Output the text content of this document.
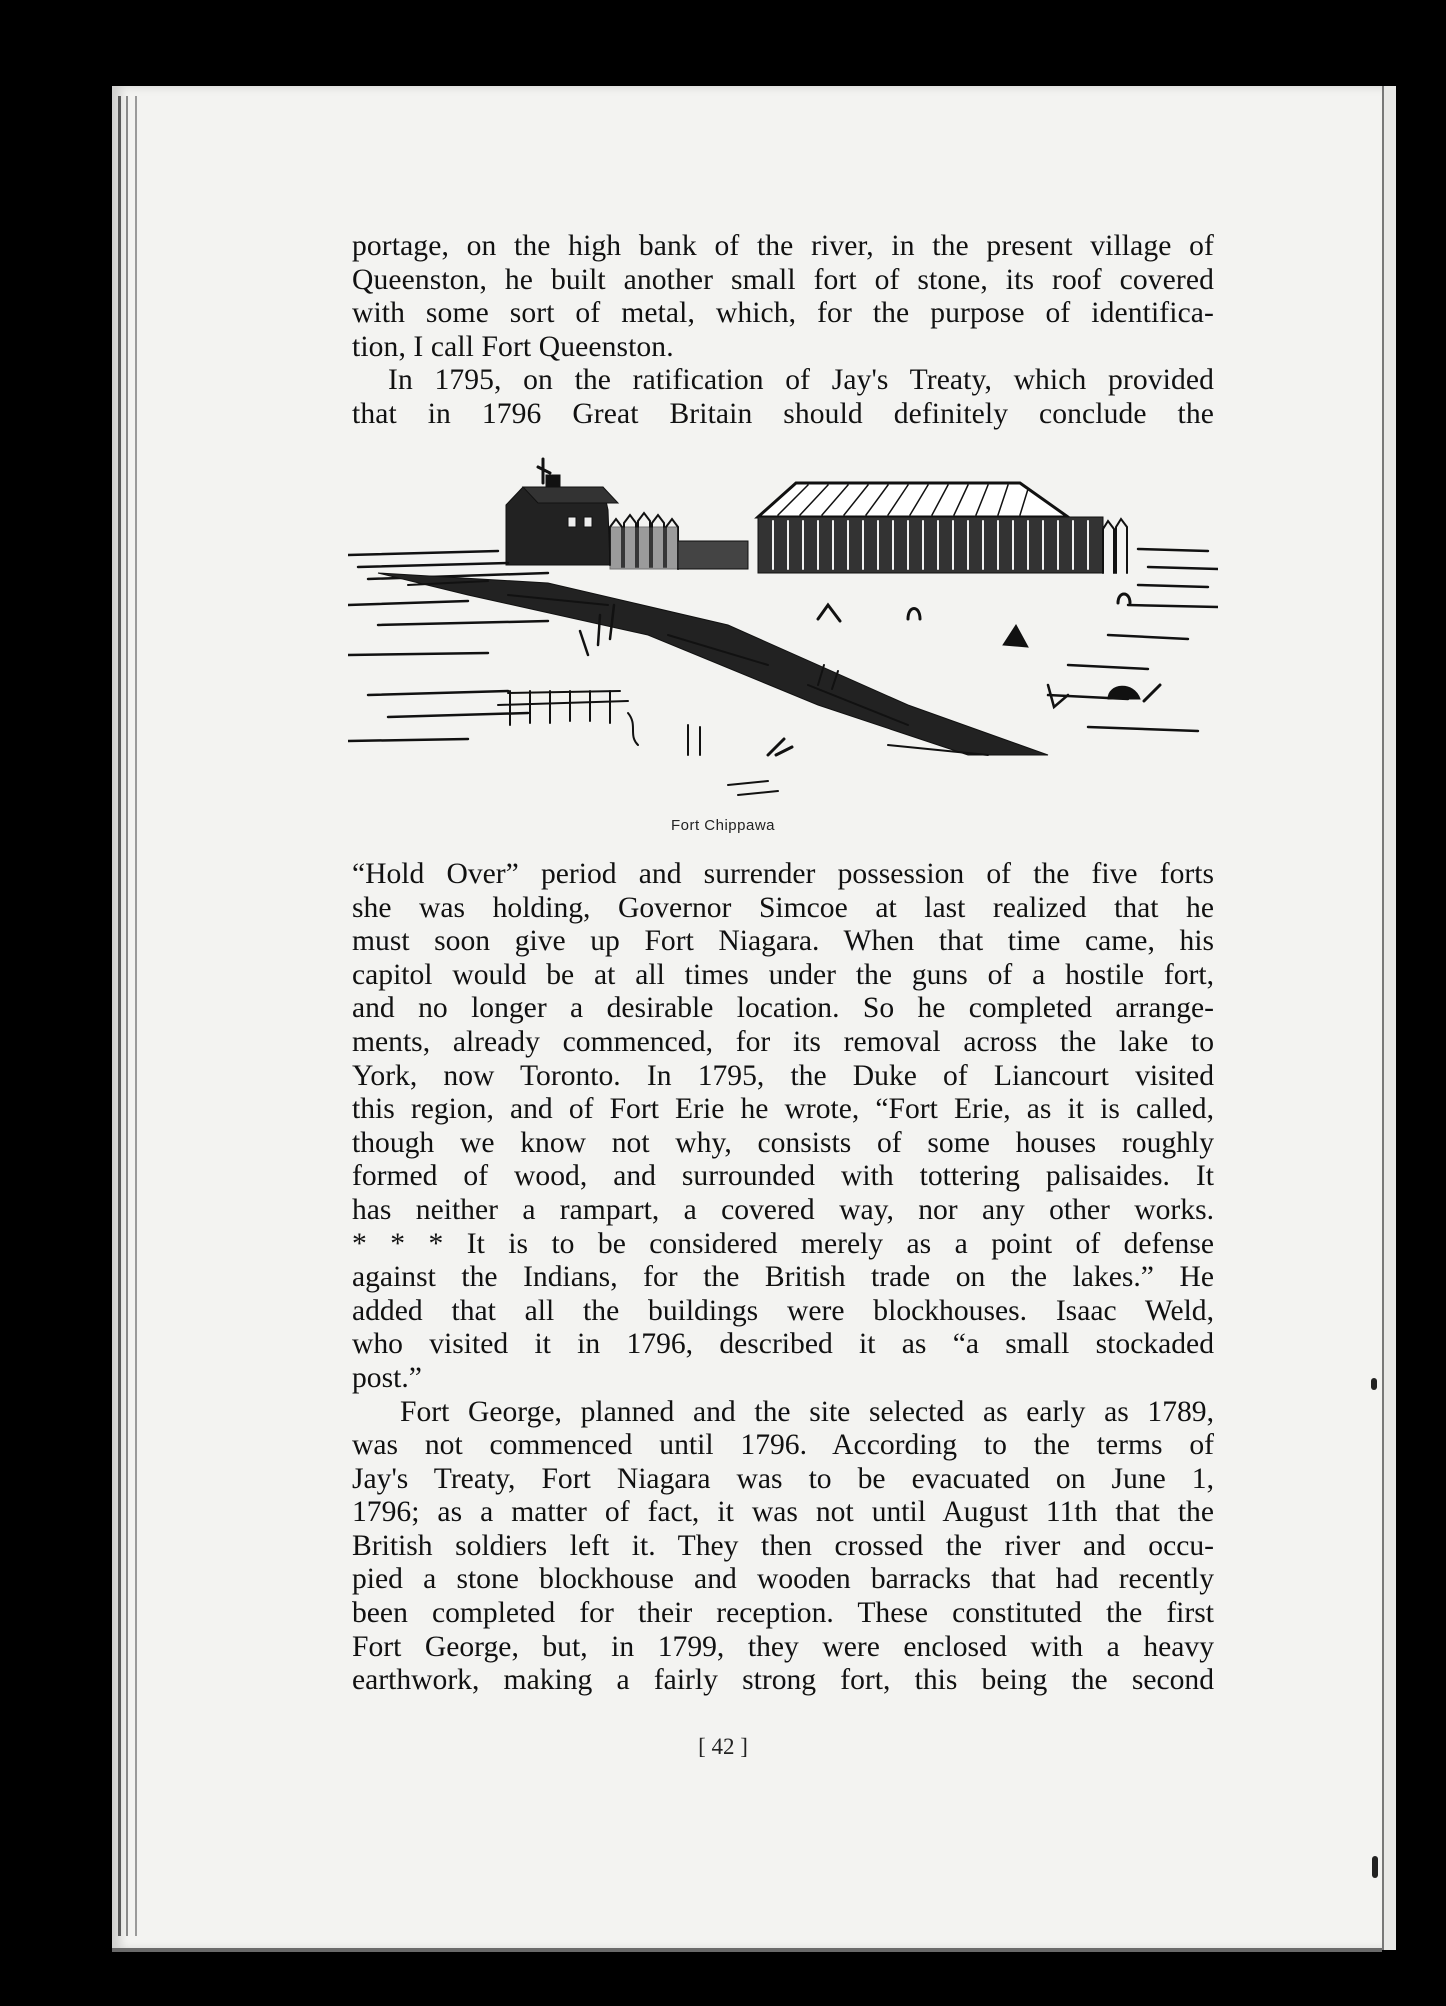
portage, on the high bank of the river, in the present village of
Queenston, he built another small fort of stone, its roof covered
with some sort of metal, which, for the purpose of identifica-
tion, I call Fort Queenston.
In 1795, on the ratification of Jay's Treaty, which provided
that in 1796 Great Britain should definitely conclude the
Fort Chippawa
“Hold Over” period and surrender possession of the five forts
she was holding, Governor Simcoe at last realized that he
must soon give up Fort Niagara. When that time came, his
capitol would be at all times under the guns of a hostile fort,
and no longer a desirable location. So he completed arrange-
ments, already commenced, for its removal across the lake to
York, now Toronto. In 1795, the Duke of Liancourt visited
this region, and of Fort Erie he wrote, “Fort Erie, as it is called,
though we know not why, consists of some houses roughly
formed of wood, and surrounded with tottering palisaides. It
has neither a rampart, a covered way, nor any other works.
* * * It is to be considered merely as a point of defense
against the Indians, for the British trade on the lakes.” He
added that all the buildings were blockhouses. Isaac Weld,
who visited it in 1796, described it as “a small stockaded
post.”
Fort George, planned and the site selected as early as 1789,
was not commenced until 1796. According to the terms of
Jay's Treaty, Fort Niagara was to be evacuated on June 1,
1796; as a matter of fact, it was not until August 11th that the
British soldiers left it. They then crossed the river and occu-
pied a stone blockhouse and wooden barracks that had recently
been completed for their reception. These constituted the first
Fort George, but, in 1799, they were enclosed with a heavy
earthwork, making a fairly strong fort, this being the second
[ 42 ]
